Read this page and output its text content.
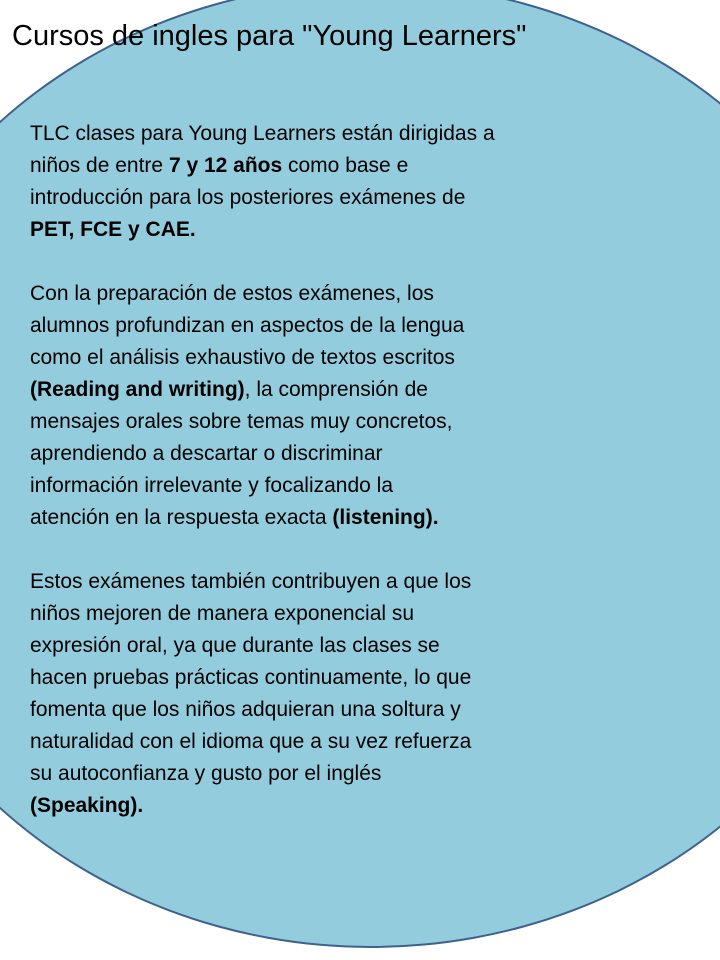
Cursos de ingles para "Young Learners"
TLC clases para Young Learners están dirigidas a
niños de entre 7 y 12 años como base e
introducción para los posteriores exámenes de
PET, FCE y CAE.
Con la preparación de estos exámenes, los
alumnos profundizan en aspectos de la lengua
como el análisis exhaustivo de textos escritos
(Reading and writing), la comprensión de
mensajes orales sobre temas muy concretos,
aprendiendo a descartar o discriminar
información irrelevante y focalizando la
atención en la respuesta exacta (listening).
Estos exámenes también contribuyen a que los
niños mejoren de manera exponencial su
expresión oral, ya que durante las clases se
hacen pruebas prácticas continuamente, lo que
fomenta que los niños adquieran una soltura y
naturalidad con el idioma que a su vez refuerza
su autoconfianza y gusto por el inglés
(Speaking).
